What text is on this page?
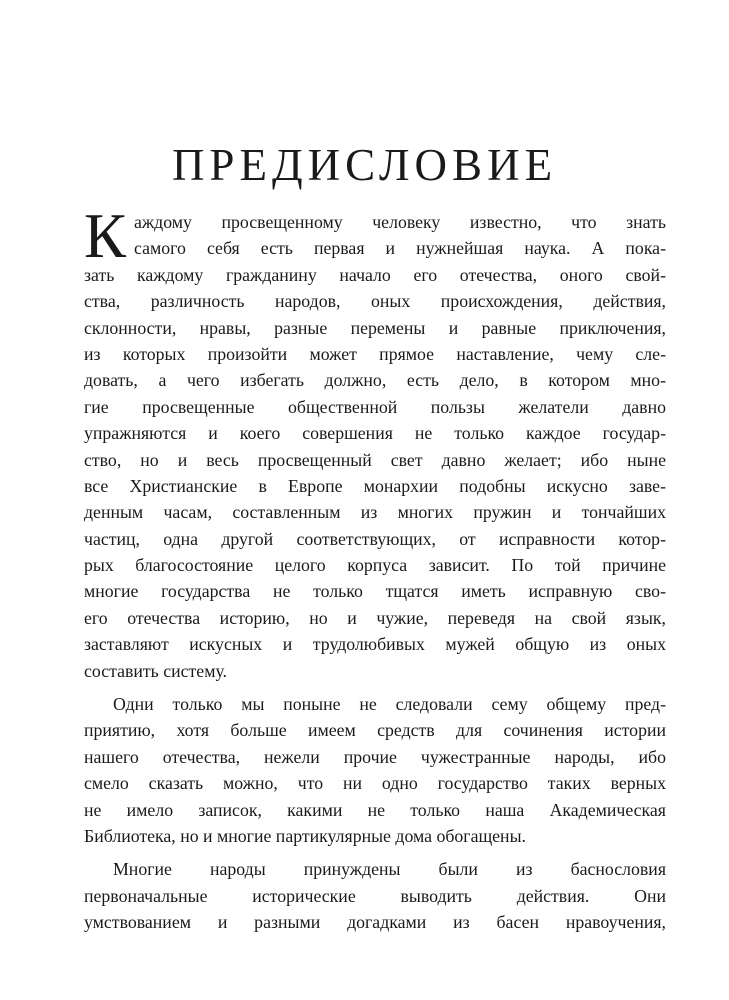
ПРЕДИСЛОВИЕ

К аждому просвещенному человеку известно, что знать
самого себя есть первая и нужнейшая наука. А пока-
зать каждому гражданину начало его отечества, оного свой-
ства, различность народов, оных происхождения, действия,
склонности, нравы, разные перемены и равные приключения,
из которых произойти может прямое наставление, чему сле-
довать, а чего избегать должно, есть дело, в котором мно-
гие просвещенные общественной пользы желатели давно
упражняются и коего совершения не только каждое государ-
ство, но и весь просвещенный свет давно желает; ибо ныне
все Христианские в Европе монархии подобны искусно заве-
денным часам, составленным из многих пружин и тончайших
частиц, одна другой соответствующих, от исправности котор-
рых благосостояние целого корпуса зависит. По той причине
многие государства не только тщатся иметь исправную сво-
его отечества историю, но и чужие, переведя на свой язык,
заставляют искусных и трудолюбивых мужей общую из оных
составить систему.

Одни только мы поныне не следовали сему общему пред-
приятию, хотя больше имеем средств для сочинения истории
нашего отечества, нежели прочие чужестранные народы, ибо
смело сказать можно, что ни одно государство таких верных
не имело записок, какими не только наша Академическая
Библиотека, но и многие партикулярные дома обогащены.

Многие народы принуждены были из баснословия
первоначальные исторические выводить действия. Они
умствованием и разными догадками из басен нравоучения,
